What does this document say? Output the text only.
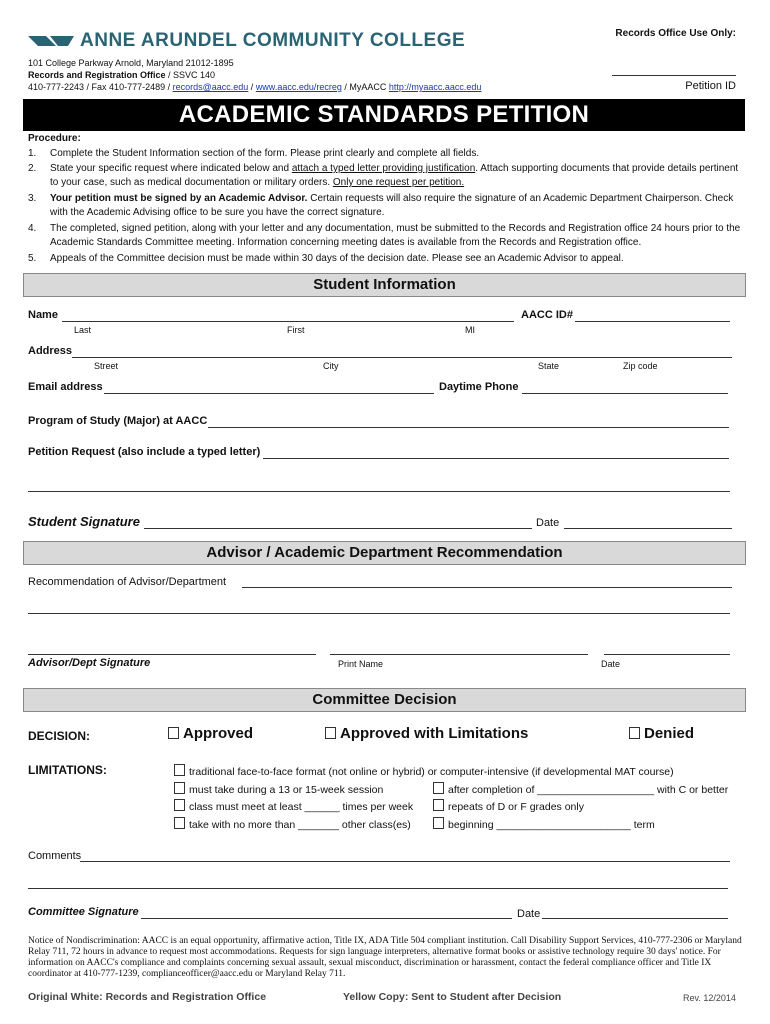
ANNE ARUNDEL COMMUNITY COLLEGE
101 College Parkway Arnold, Maryland 21012-1895
Records and Registration Office / SSVC 140
410-777-2243 / Fax 410-777-2489 / records@aacc.edu / www.aacc.edu/recreg / MyAACC http://myaacc.aacc.edu
Records Office Use Only:
Petition ID
ACADEMIC STANDARDS PETITION
Procedure:
1. Complete the Student Information section of the form. Please print clearly and complete all fields.
2. State your specific request where indicated below and attach a typed letter providing justification. Attach supporting documents that provide details pertinent to your case, such as medical documentation or military orders. Only one request per petition.
3. Your petition must be signed by an Academic Advisor. Certain requests will also require the signature of an Academic Department Chairperson. Check with the Academic Advising office to be sure you have the correct signature.
4. The completed, signed petition, along with your letter and any documentation, must be submitted to the Records and Registration office 24 hours prior to the Academic Standards Committee meeting. Information concerning meeting dates is available from the Records and Registration office.
5. Appeals of the Committee decision must be made within 30 days of the decision date. Please see an Academic Advisor to appeal.
Student Information
Name	AACC ID#
Last	First	MI
Address
Street	City	State	Zip code
Email address	Daytime Phone
Program of Study (Major) at AACC
Petition Request (also include a typed letter)
Student Signature	Date
Advisor / Academic Department Recommendation
Recommendation of Advisor/Department
Advisor/Dept Signature	Print Name	Date
Committee Decision
DECISION:	Approved	Approved with Limitations	Denied
LIMITATIONS:	traditional face-to-face format (not online or hybrid) or computer-intensive (if developmental MAT course)
must take during a 13 or 15-week session
class must meet at least ______ times per week
take with no more than _______ other class(es)
after completion of ____________________ with C or better
repeats of D or F grades only
beginning _______________________ term
Comments
Committee Signature	Date
Notice of Nondiscrimination: AACC is an equal opportunity, affirmative action, Title IX, ADA Title 504 compliant institution. Call Disability Support Services, 410-777-2306 or Maryland Relay 711, 72 hours in advance to request most accommodations. Requests for sign language interpreters, alternative format books or assistive technology require 30 days' notice. For information on AACC's compliance and complaints concerning sexual assault, sexual misconduct, discrimination or harassment, contact the federal compliance officer and Title IX coordinator at 410-777-1239, complianceofficer@aacc.edu or Maryland Relay 711.
Original White: Records and Registration Office	Yellow Copy: Sent to Student after Decision	Rev. 12/2014
